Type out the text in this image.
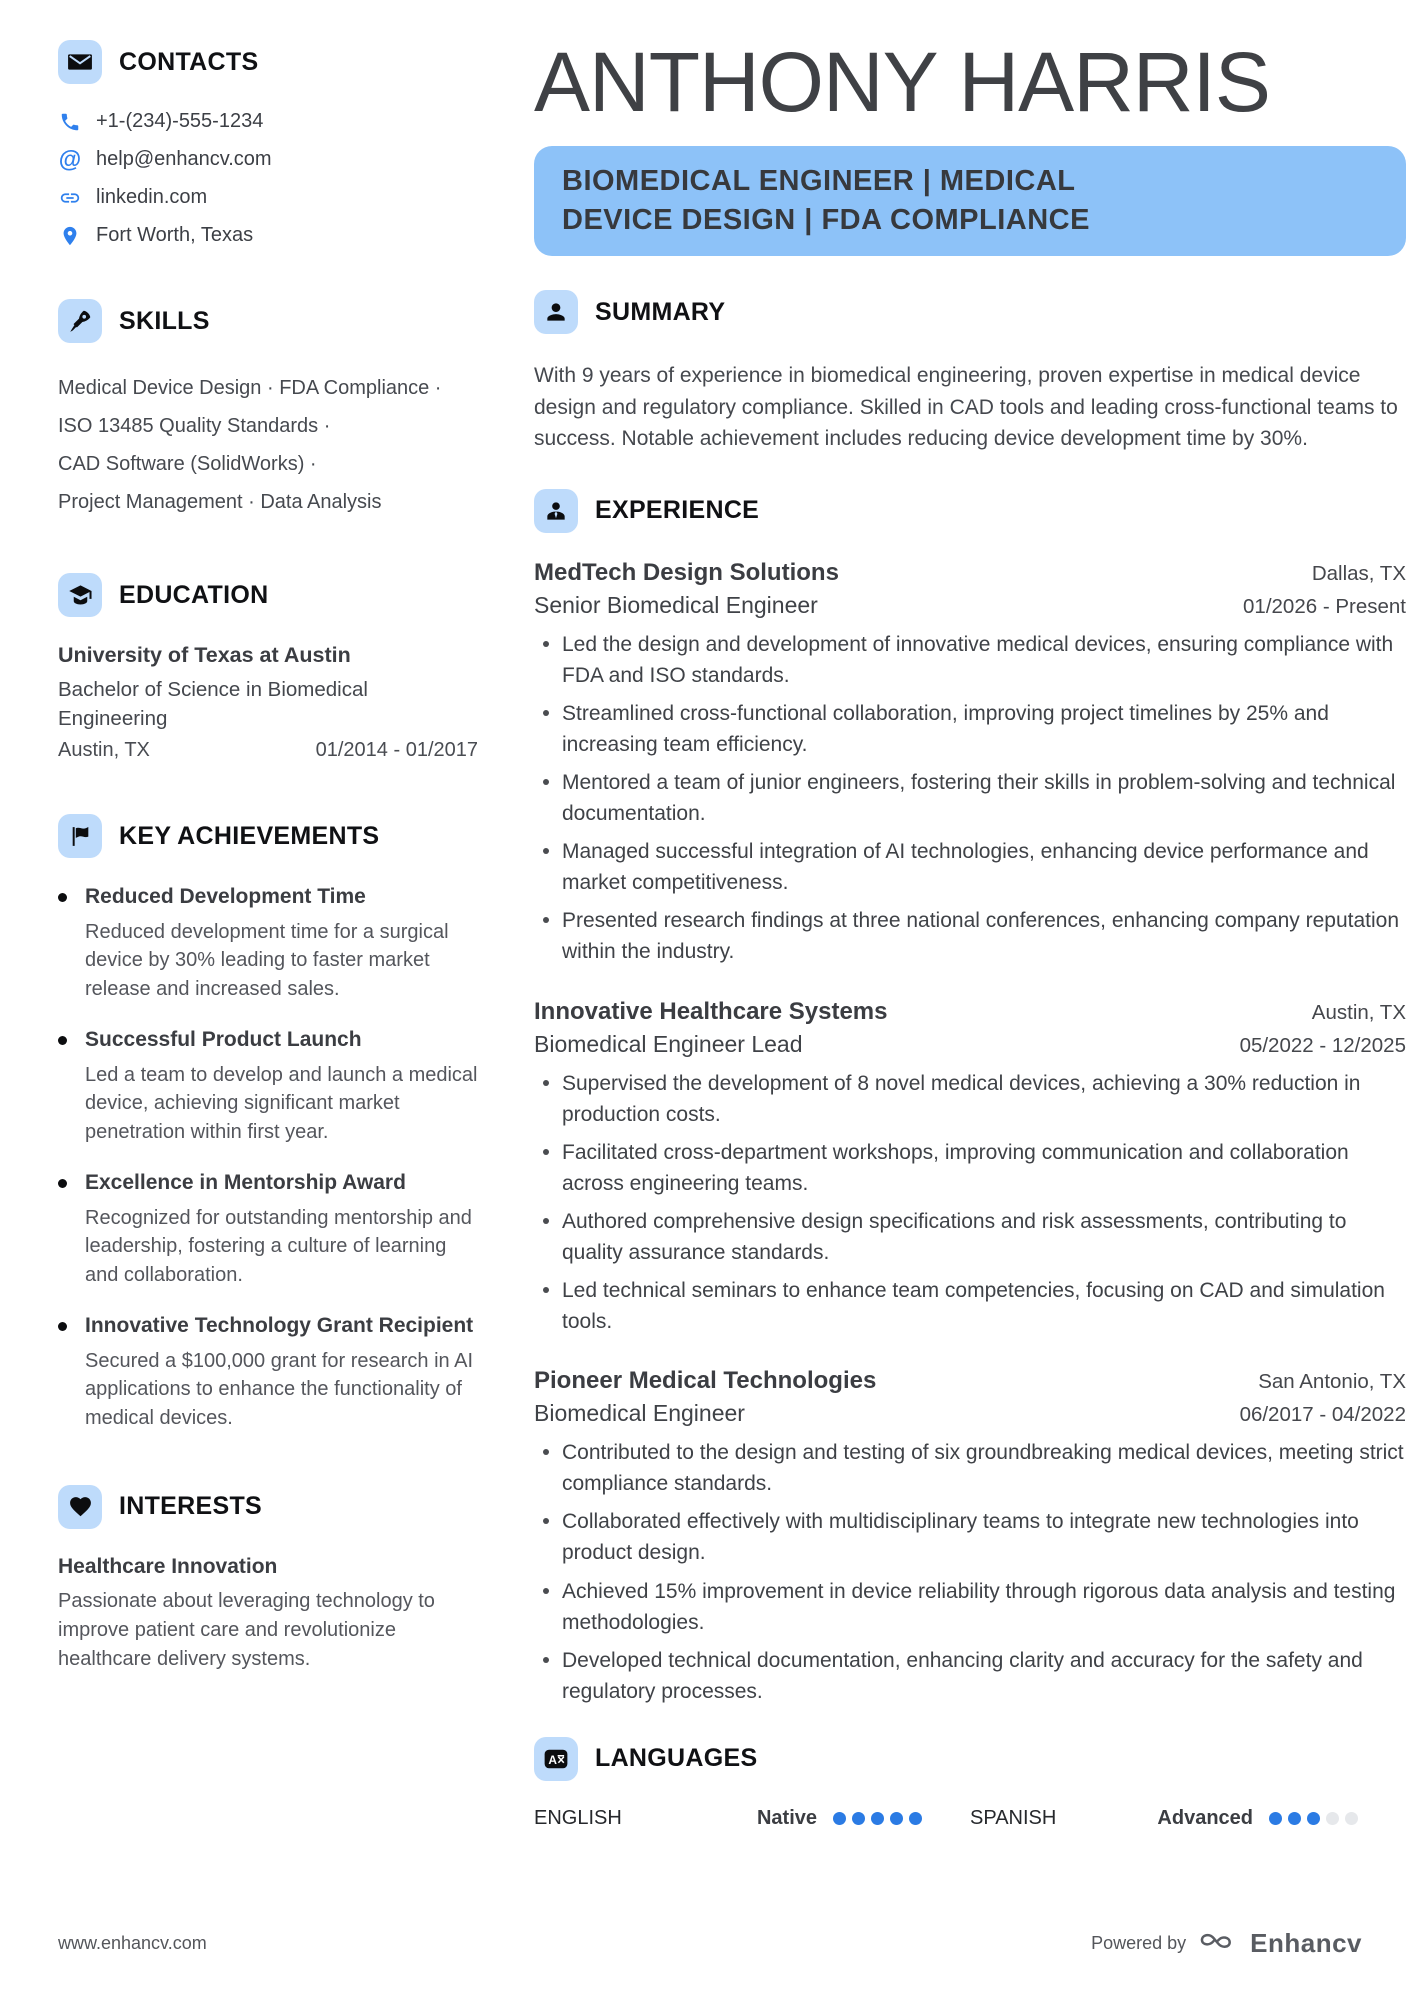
CONTACTS
+1-(234)-555-1234
@ help@enhancv.com
linkedin.com
Fort Worth, Texas
SKILLS
Medical Device Design · FDA Compliance ·
ISO 13485 Quality Standards ·
CAD Software (SolidWorks) ·
Project Management · Data Analysis
EDUCATION
University of Texas at Austin
Bachelor of Science in Biomedical Engineering
Austin, TX	01/2014 - 01/2017
KEY ACHIEVEMENTS
Reduced Development Time
Reduced development time for a surgical device by 30% leading to faster market release and increased sales.
Successful Product Launch
Led a team to develop and launch a medical device, achieving significant market penetration within first year.
Excellence in Mentorship Award
Recognized for outstanding mentorship and leadership, fostering a culture of learning and collaboration.
Innovative Technology Grant Recipient
Secured a $100,000 grant for research in AI applications to enhance the functionality of medical devices.
INTERESTS
Healthcare Innovation
Passionate about leveraging technology to improve patient care and revolutionize healthcare delivery systems.
ANTHONY HARRIS
BIOMEDICAL ENGINEER | MEDICAL
DEVICE DESIGN | FDA COMPLIANCE
SUMMARY

With 9 years of experience in biomedical engineering, proven expertise in medical device design and regulatory compliance. Skilled in CAD tools and leading cross-functional teams to success. Notable achievement includes reducing device development time by 30%.

EXPERIENCE
MedTech Design Solutions	Dallas, TX
Senior Biomedical Engineer	01/2026 - Present
Led the design and development of innovative medical devices, ensuring compliance with FDA and ISO standards.
Streamlined cross-functional collaboration, improving project timelines by 25% and increasing team efficiency.
Mentored a team of junior engineers, fostering their skills in problem-solving and technical documentation.
Managed successful integration of AI technologies, enhancing device performance and market competitiveness.
Presented research findings at three national conferences, enhancing company reputation within the industry.
Innovative Healthcare Systems	Austin, TX
Biomedical Engineer Lead	05/2022 - 12/2025
Supervised the development of 8 novel medical devices, achieving a 30% reduction in production costs.
Facilitated cross-department workshops, improving communication and collaboration across engineering teams.
Authored comprehensive design specifications and risk assessments, contributing to quality assurance standards.
Led technical seminars to enhance team competencies, focusing on CAD and simulation tools.
Pioneer Medical Technologies	San Antonio, TX
Biomedical Engineer	06/2017 - 04/2022
Contributed to the design and testing of six groundbreaking medical devices, meeting strict compliance standards.
Collaborated effectively with multidisciplinary teams to integrate new technologies into product design.
Achieved 15% improvement in device reliability through rigorous data analysis and testing methodologies.
Developed technical documentation, enhancing clarity and accuracy for the safety and regulatory processes.
A LANGUAGES
ENGLISH	Native	SPANISH	Advanced
www.enhancv.com	Powered by Enhancv
